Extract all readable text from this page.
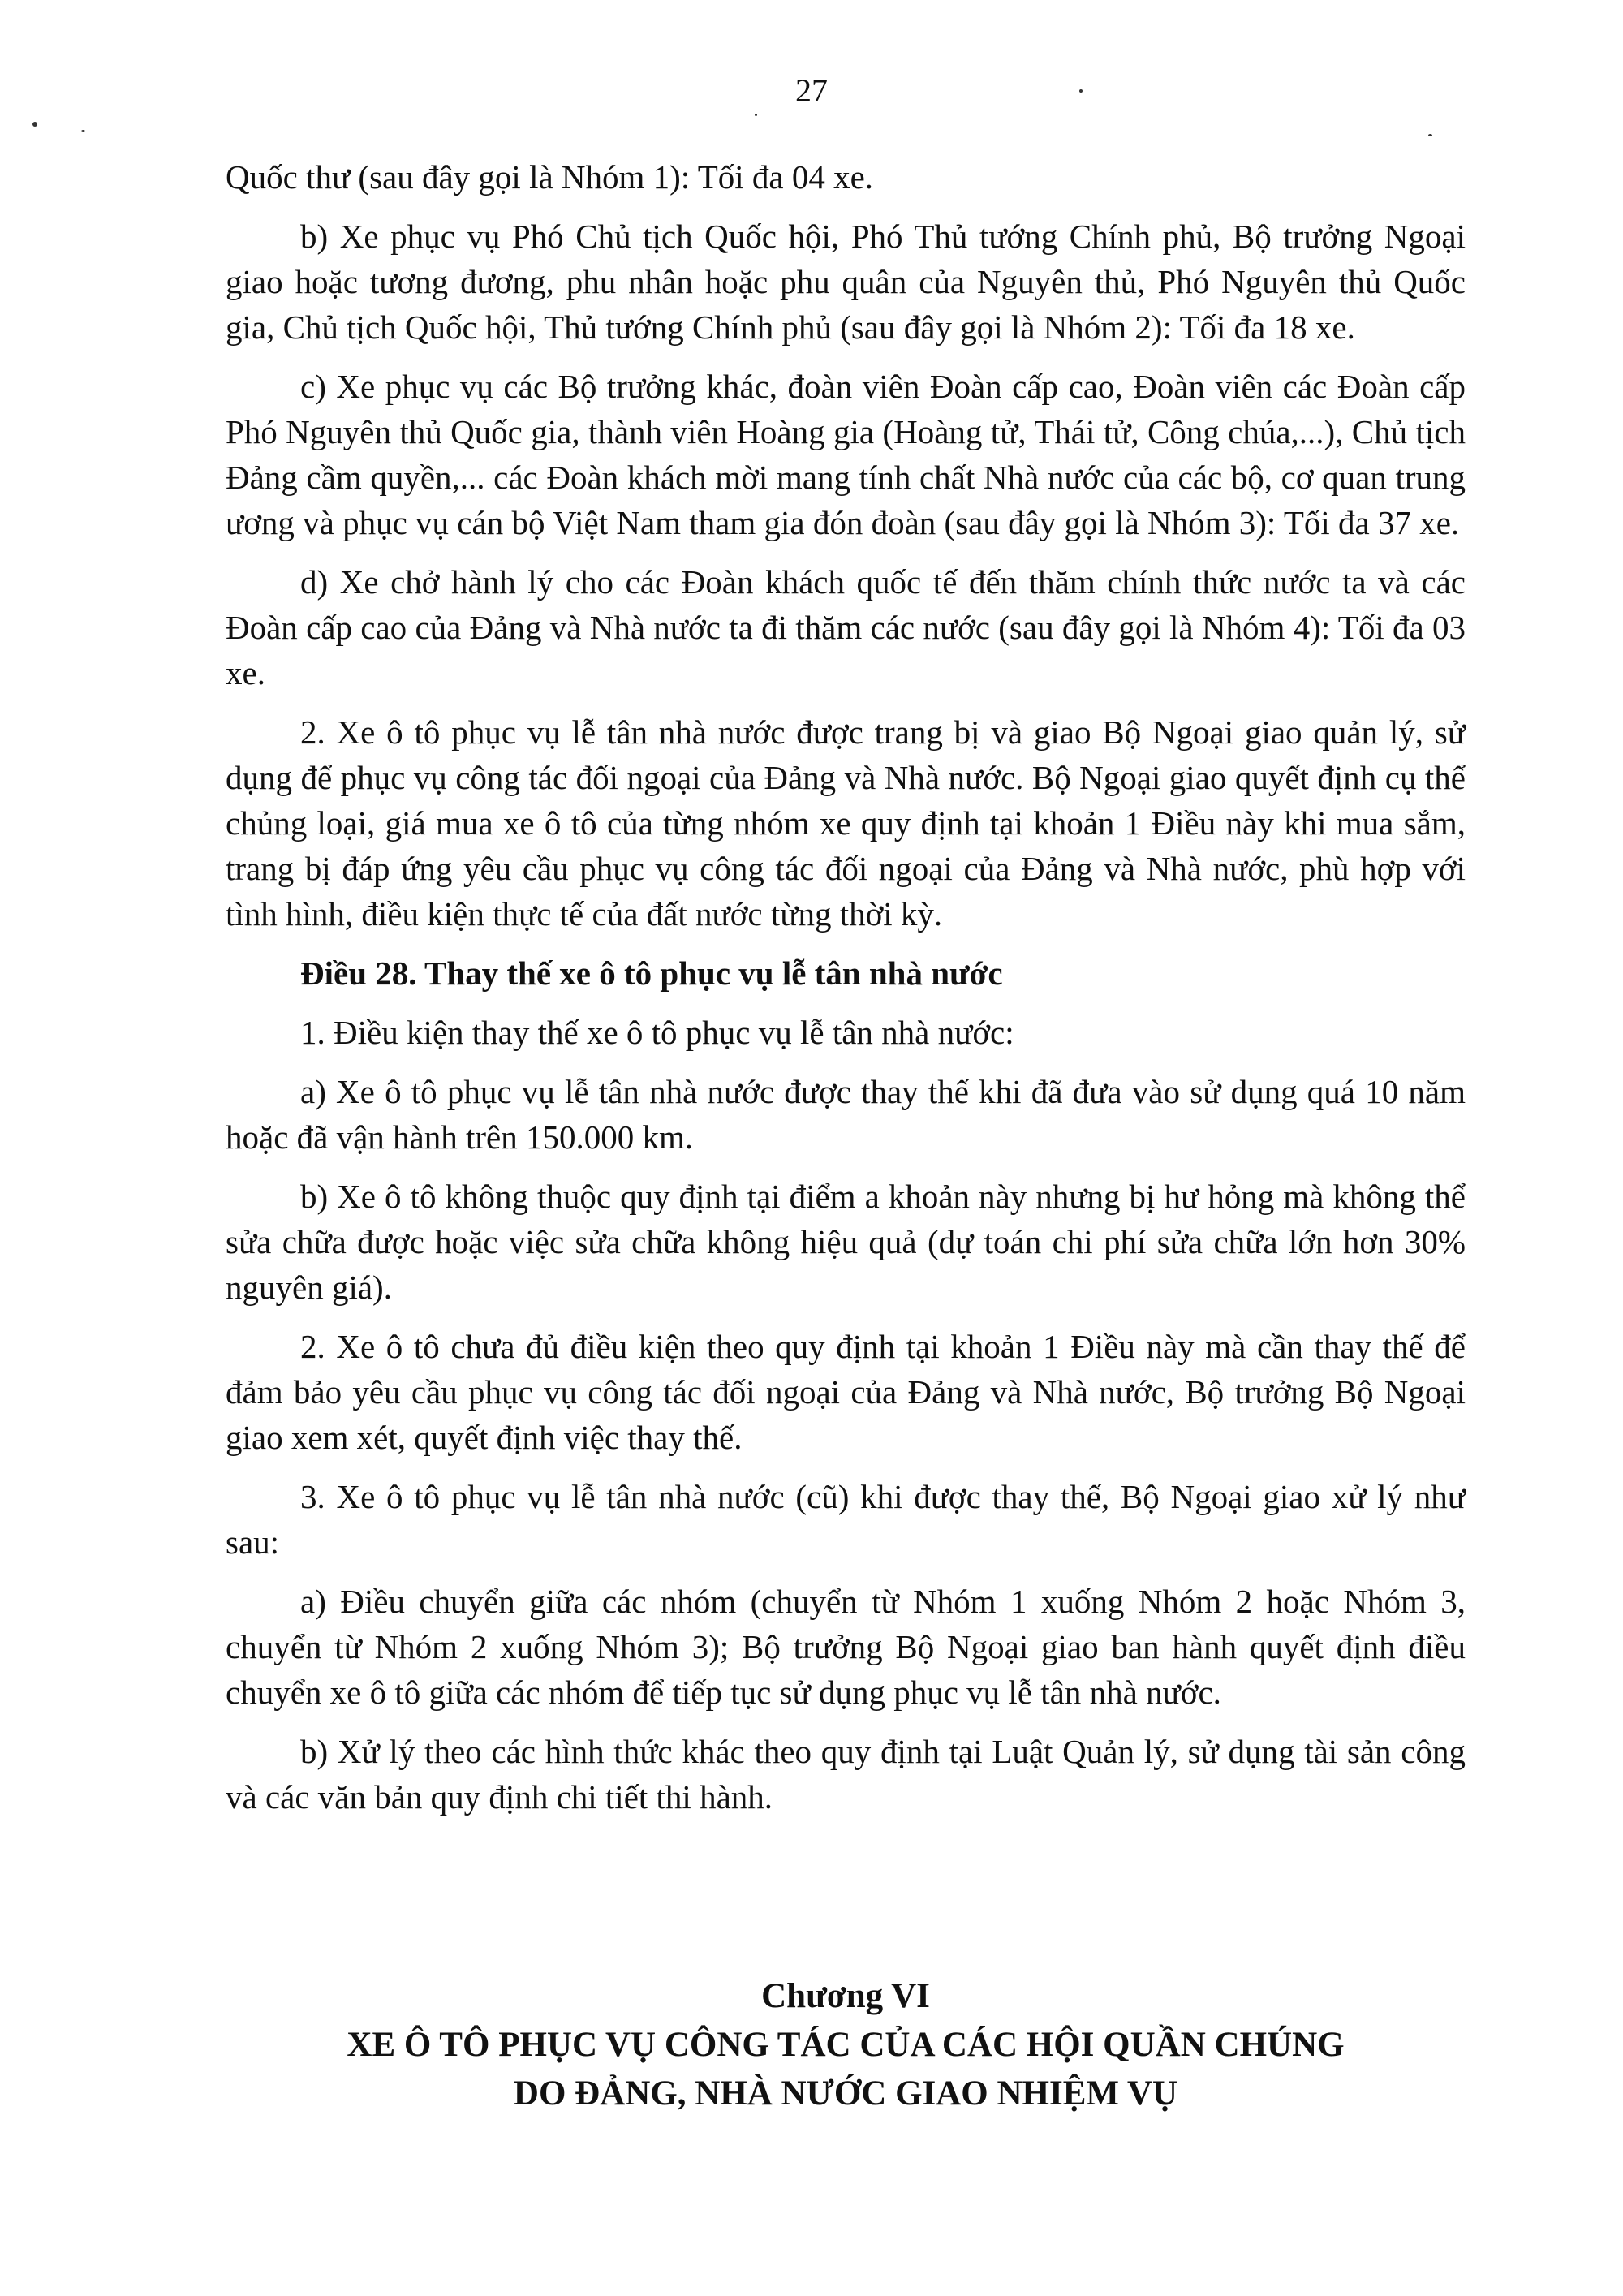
27

Quốc thư (sau đây gọi là Nhóm 1): Tối đa 04 xe.

b) Xe phục vụ Phó Chủ tịch Quốc hội, Phó Thủ tướng Chính phủ, Bộ trưởng Ngoại giao hoặc tương đương, phu nhân hoặc phu quân của Nguyên thủ, Phó Nguyên thủ Quốc gia, Chủ tịch Quốc hội, Thủ tướng Chính phủ (sau đây gọi là Nhóm 2): Tối đa 18 xe.

c) Xe phục vụ các Bộ trưởng khác, đoàn viên Đoàn cấp cao, Đoàn viên các Đoàn cấp Phó Nguyên thủ Quốc gia, thành viên Hoàng gia (Hoàng tử, Thái tử, Công chúa,...), Chủ tịch Đảng cầm quyền,... các Đoàn khách mời mang tính chất Nhà nước của các bộ, cơ quan trung ương và phục vụ cán bộ Việt Nam tham gia đón đoàn (sau đây gọi là Nhóm 3): Tối đa 37 xe.

d) Xe chở hành lý cho các Đoàn khách quốc tế đến thăm chính thức nước ta và các Đoàn cấp cao của Đảng và Nhà nước ta đi thăm các nước (sau đây gọi là Nhóm 4): Tối đa 03 xe.

2. Xe ô tô phục vụ lễ tân nhà nước được trang bị và giao Bộ Ngoại giao quản lý, sử dụng để phục vụ công tác đối ngoại của Đảng và Nhà nước. Bộ Ngoại giao quyết định cụ thể chủng loại, giá mua xe ô tô của từng nhóm xe quy định tại khoản 1 Điều này khi mua sắm, trang bị đáp ứng yêu cầu phục vụ công tác đối ngoại của Đảng và Nhà nước, phù hợp với tình hình, điều kiện thực tế của đất nước từng thời kỳ.

Điều 28. Thay thế xe ô tô phục vụ lễ tân nhà nước

1. Điều kiện thay thế xe ô tô phục vụ lễ tân nhà nước:

a) Xe ô tô phục vụ lễ tân nhà nước được thay thế khi đã đưa vào sử dụng quá 10 năm hoặc đã vận hành trên 150.000 km.

b) Xe ô tô không thuộc quy định tại điểm a khoản này nhưng bị hư hỏng mà không thể sửa chữa được hoặc việc sửa chữa không hiệu quả (dự toán chi phí sửa chữa lớn hơn 30% nguyên giá).

2. Xe ô tô chưa đủ điều kiện theo quy định tại khoản 1 Điều này mà cần thay thế để đảm bảo yêu cầu phục vụ công tác đối ngoại của Đảng và Nhà nước, Bộ trưởng Bộ Ngoại giao xem xét, quyết định việc thay thế.

3. Xe ô tô phục vụ lễ tân nhà nước (cũ) khi được thay thế, Bộ Ngoại giao xử lý như sau:

a) Điều chuyển giữa các nhóm (chuyển từ Nhóm 1 xuống Nhóm 2 hoặc Nhóm 3, chuyển từ Nhóm 2 xuống Nhóm 3); Bộ trưởng Bộ Ngoại giao ban hành quyết định điều chuyển xe ô tô giữa các nhóm để tiếp tục sử dụng phục vụ lễ tân nhà nước.

b) Xử lý theo các hình thức khác theo quy định tại Luật Quản lý, sử dụng tài sản công và các văn bản quy định chi tiết thi hành.

Chương VI
XE Ô TÔ PHỤC VỤ CÔNG TÁC CỦA CÁC HỘI QUẦN CHÚNG
DO ĐẢNG, NHÀ NƯỚC GIAO NHIỆM VỤ
